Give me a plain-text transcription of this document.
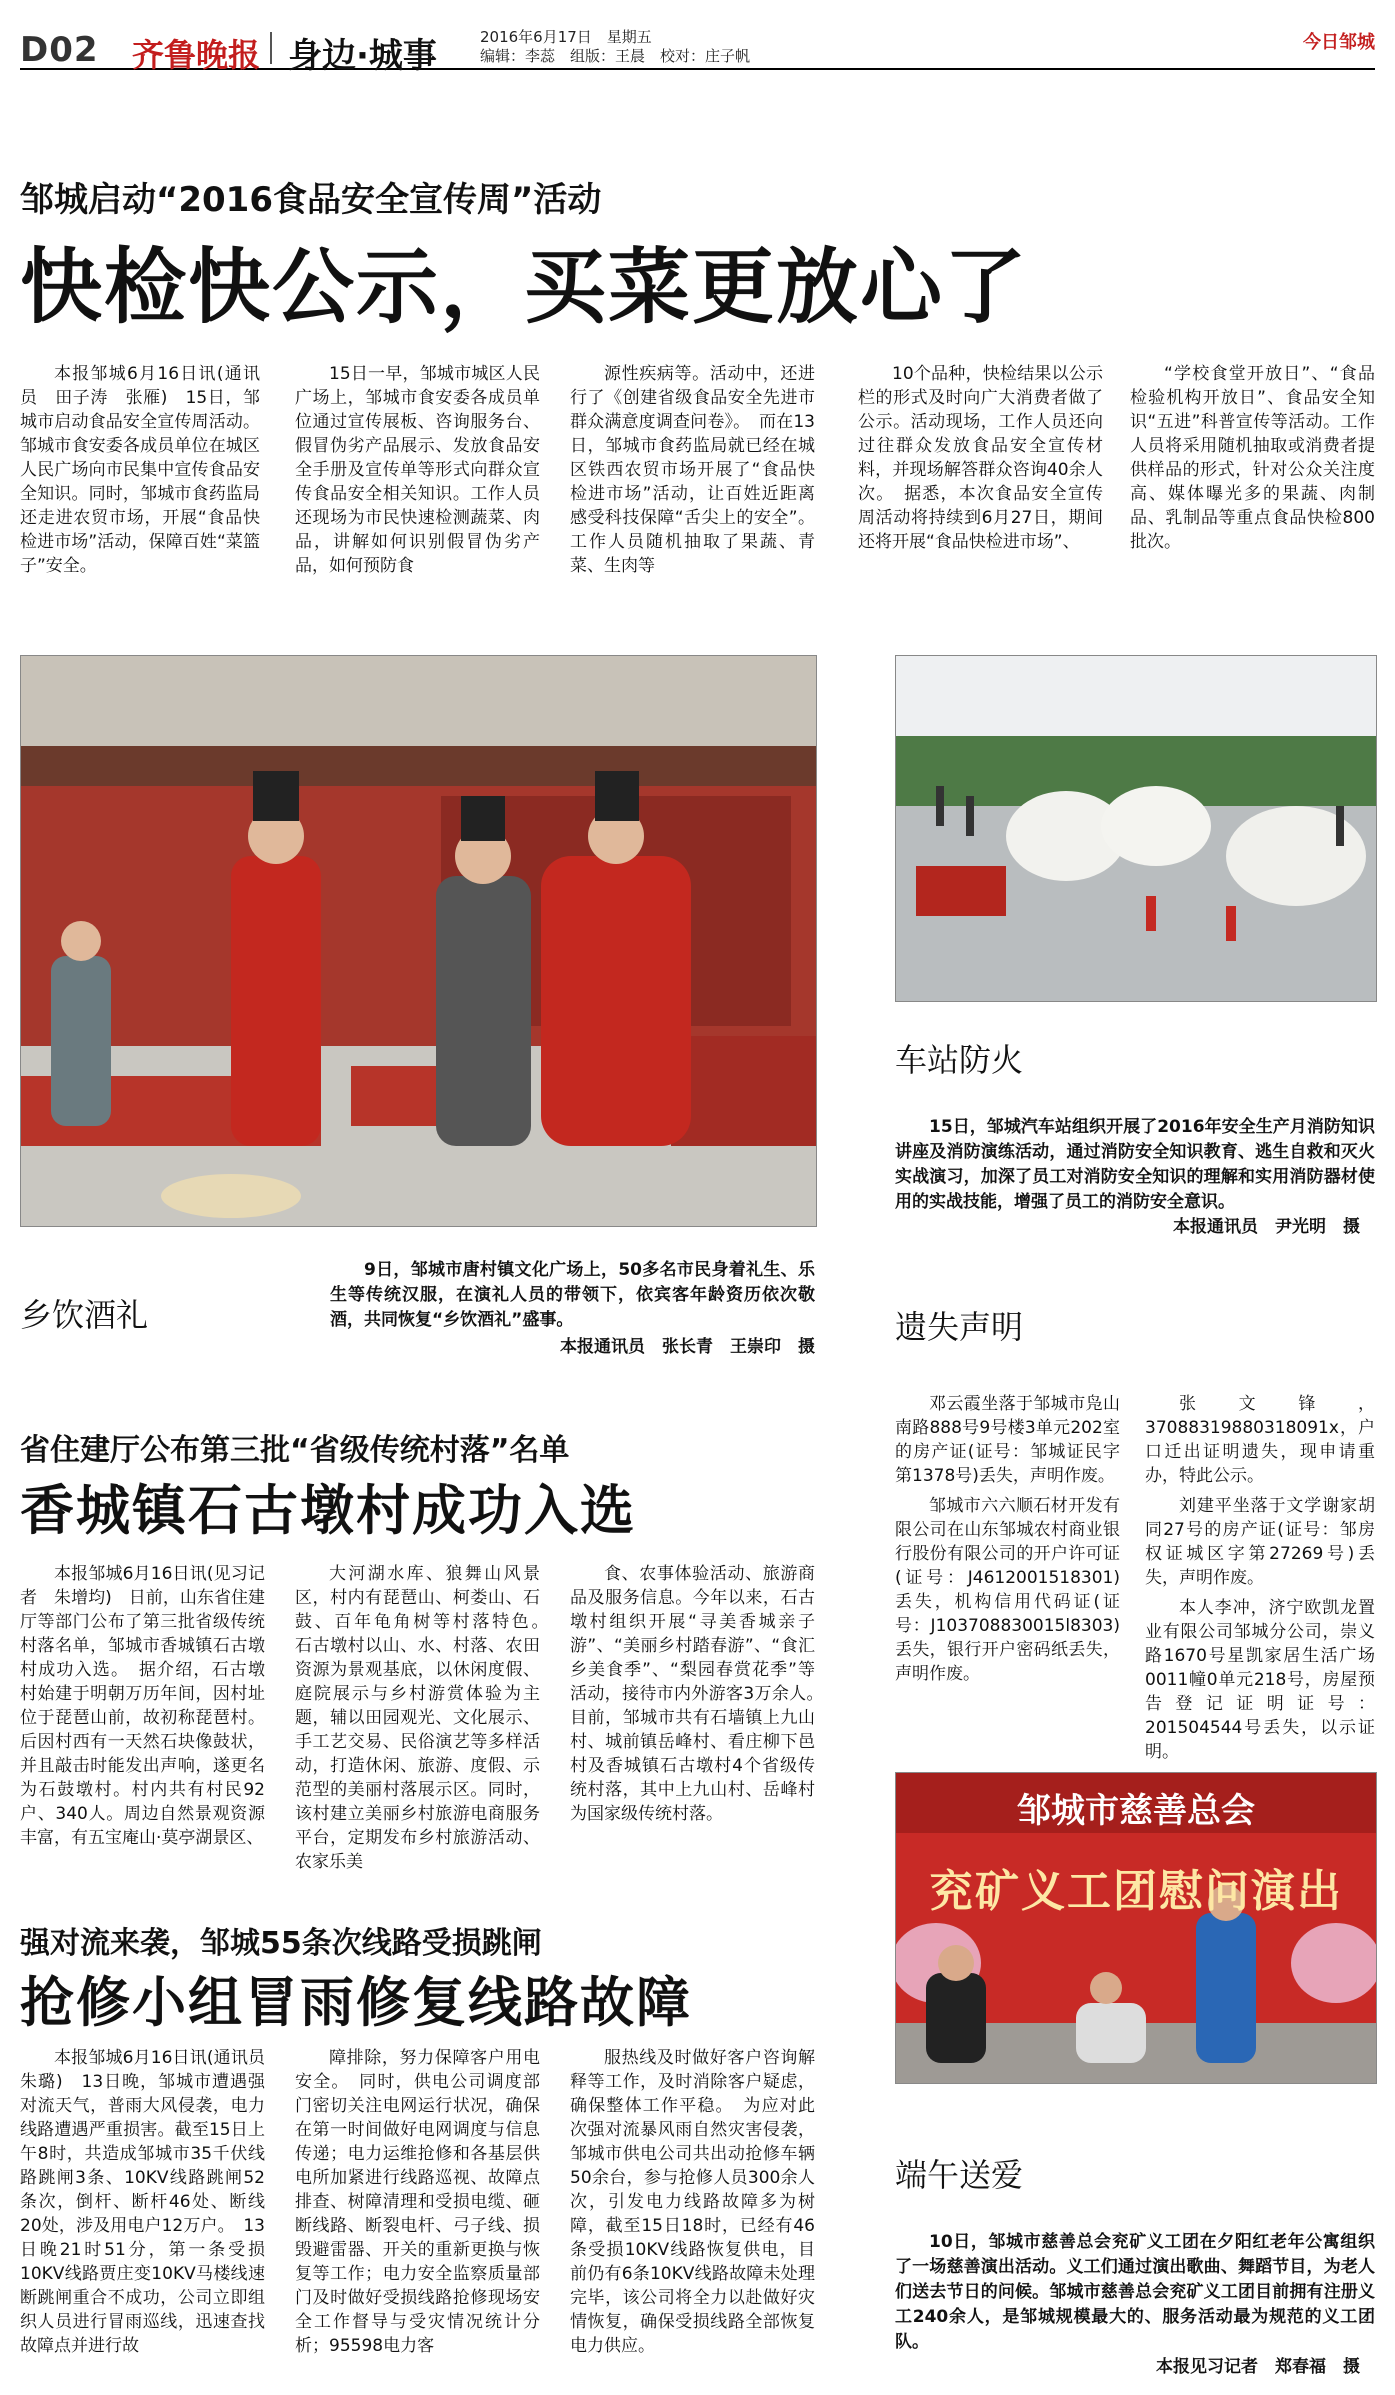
D02 齐鲁晚报 身边·城事	2016年6月17日　星期五
编辑：李蕊　组版：王晨　校对：庄子帆
今日邹城
邹城启动“2016食品安全宣传周”活动
快检快公示，买菜更放心了
本报邹城6月16日讯(通讯员　田子涛　张雁)　15日，邹城市启动食品安全宣传周活动。邹城市食安委各成员单位在城区人民广场向市民集中宣传食品安全知识。同时，邹城市食药监局还走进农贸市场，开展“食品快检进市场”活动，保障百姓“菜篮子”安全。
15日一早，邹城市城区人民广场上，邹城市食安委各成员单位通过宣传展板、咨询服务台、假冒伪劣产品展示、发放食品安全手册及宣传单等形式向群众宣传食品安全相关知识。工作人员还现场为市民快速检测蔬菜、肉品，讲解如何识别假冒伪劣产品，如何预防食
源性疾病等。活动中，还进行了《创建省级食品安全先进市群众满意度调查问卷》。　而在13日，邹城市食药监局就已经在城区铁西农贸市场开展了“食品快检进市场”活动，让百姓近距离感受科技保障“舌尖上的安全”。工作人员随机抽取了果蔬、青菜、生肉等
10个品种，快检结果以公示栏的形式及时向广大消费者做了公示。活动现场，工作人员还向过往群众发放食品安全宣传材料，并现场解答群众咨询40余人次。　据悉，本次食品安全宣传周活动将持续到6月27日，期间还将开展“食品快检进市场”、
“学校食堂开放日”、“食品检验机构开放日”、食品安全知识“五进”科普宣传等活动。工作人员将采用随机抽取或消费者提供样品的形式，针对公众关注度高、媒体曝光多的果蔬、肉制品、乳制品等重点食品快检800批次。
乡饮酒礼
9日，邹城市唐村镇文化广场上，50多名市民身着礼生、乐生等传统汉服，在演礼人员的带领下，依宾客年龄资历依次敬酒，共同恢复“乡饮酒礼”盛事。
本报通讯员　张长青　王崇印　摄
车站防火
15日，邹城汽车站组织开展了2016年安全生产月消防知识讲座及消防演练活动，通过消防安全知识教育、逃生自救和灭火实战演习，加深了员工对消防安全知识的理解和实用消防器材使用的实战技能，增强了员工的消防安全意识。
本报通讯员　尹光明　摄
省住建厅公布第三批“省级传统村落”名单
香城镇石古墩村成功入选
本报邹城6月16日讯(见习记者　朱增均)　日前，山东省住建厅等部门公布了第三批省级传统村落名单，邹城市香城镇石古墩村成功入选。　据介绍，石古墩村始建于明朝万历年间，因村址位于琵琶山前，故初称琵琶村。后因村西有一天然石块像鼓状，并且敲击时能发出声响，遂更名为石鼓墩村。村内共有村民92户、340人。周边自然景观资源丰富，有五宝庵山·莫亭湖景区、
大河湖水库、狼舞山风景区，村内有琵琶山、柯娄山、石鼓、百年龟角树等村落特色。　石古墩村以山、水、村落、农田资源为景观基底，以休闲度假、庭院展示与乡村游赏体验为主题，辅以田园观光、文化展示、手工艺交易、民俗演艺等多样活动，打造休闲、旅游、度假、示范型的美丽村落展示区。同时，该村建立美丽乡村旅游电商服务平台，定期发布乡村旅游活动、农家乐美
食、农事体验活动、旅游商品及服务信息。今年以来，石古墩村组织开展“寻美香城亲子游”、“美丽乡村踏春游”、“食汇乡美食季”、“梨园春赏花季”等活动，接待市内外游客3万余人。　目前，邹城市共有石墙镇上九山村、城前镇岳峰村、看庄柳下邑村及香城镇石古墩村4个省级传统村落，其中上九山村、岳峰村为国家级传统村落。
遗失声明
邓云霞坐落于邹城市凫山南路888号9号楼3单元202室的房产证(证号：邹城证民字第1378号)丢失，声明作废。
邹城市六六顺石材开发有限公司在山东邹城农村商业银行股份有限公司的开户许可证(证号：J4612001518301)丢失，机构信用代码证(证号：J103708830015l8303)丢失，银行开户密码纸丢失，声明作废。
张文锋，37088319880318091x，户口迁出证明遗失，现申请重办，特此公示。
刘建平坐落于文学谢家胡同27号的房产证(证号：邹房权证城区字第27269号)丢失，声明作废。
本人李冲，济宁欧凯龙置业有限公司邹城分公司，崇义路1670号星凯家居生活广场0011幢0单元218号，房屋预告登记证明证号：201504544号丢失，以示证明。
强对流来袭，邹城55条次线路受损跳闸
抢修小组冒雨修复线路故障
本报邹城6月16日讯(通讯员　朱璐)　13日晚，邹城市遭遇强对流天气，普雨大风侵袭，电力线路遭遇严重损害。截至15日上午8时，共造成邹城市35千伏线路跳闸3条、10KV线路跳闸52条次，倒杆、断杆46处、断线20处，涉及用电户12万户。　13日晚21时51分，第一条受损10KV线路贾庄变10KV马楼线速断跳闸重合不成功，公司立即组织人员进行冒雨巡线，迅速查找故障点并进行故
障排除，努力保障客户用电安全。　同时，供电公司调度部门密切关注电网运行状况，确保在第一时间做好电网调度与信息传递；电力运维抢修和各基层供电所加紧进行线路巡视、故障点排查、树障清理和受损电缆、砸断线路、断裂电杆、弓子线、损毁避雷器、开关的重新更换与恢复等工作；电力安全监察质量部门及时做好受损线路抢修现场安全工作督导与受灾情况统计分析；95598电力客
服热线及时做好客户咨询解释等工作，及时消除客户疑虑，确保整体工作平稳。　为应对此次强对流暴风雨自然灾害侵袭，邹城市供电公司共出动抢修车辆50余台，参与抢修人员300余人次，引发电力线路故障多为树障，截至15日18时，已经有46条受损10KV线路恢复供电，目前仍有6条10KV线路故障未处理完毕，该公司将全力以赴做好灾情恢复，确保受损线路全部恢复电力供应。
邹城市慈善总会
兖矿义工团慰问演出
端午送爱
10日，邹城市慈善总会兖矿义工团在夕阳红老年公寓组织了一场慈善演出活动。义工们通过演出歌曲、舞蹈节目，为老人们送去节日的问候。邹城市慈善总会兖矿义工团目前拥有注册义工240余人，是邹城规模最大的、服务活动最为规范的义工团队。
本报见习记者　郑春福　摄
